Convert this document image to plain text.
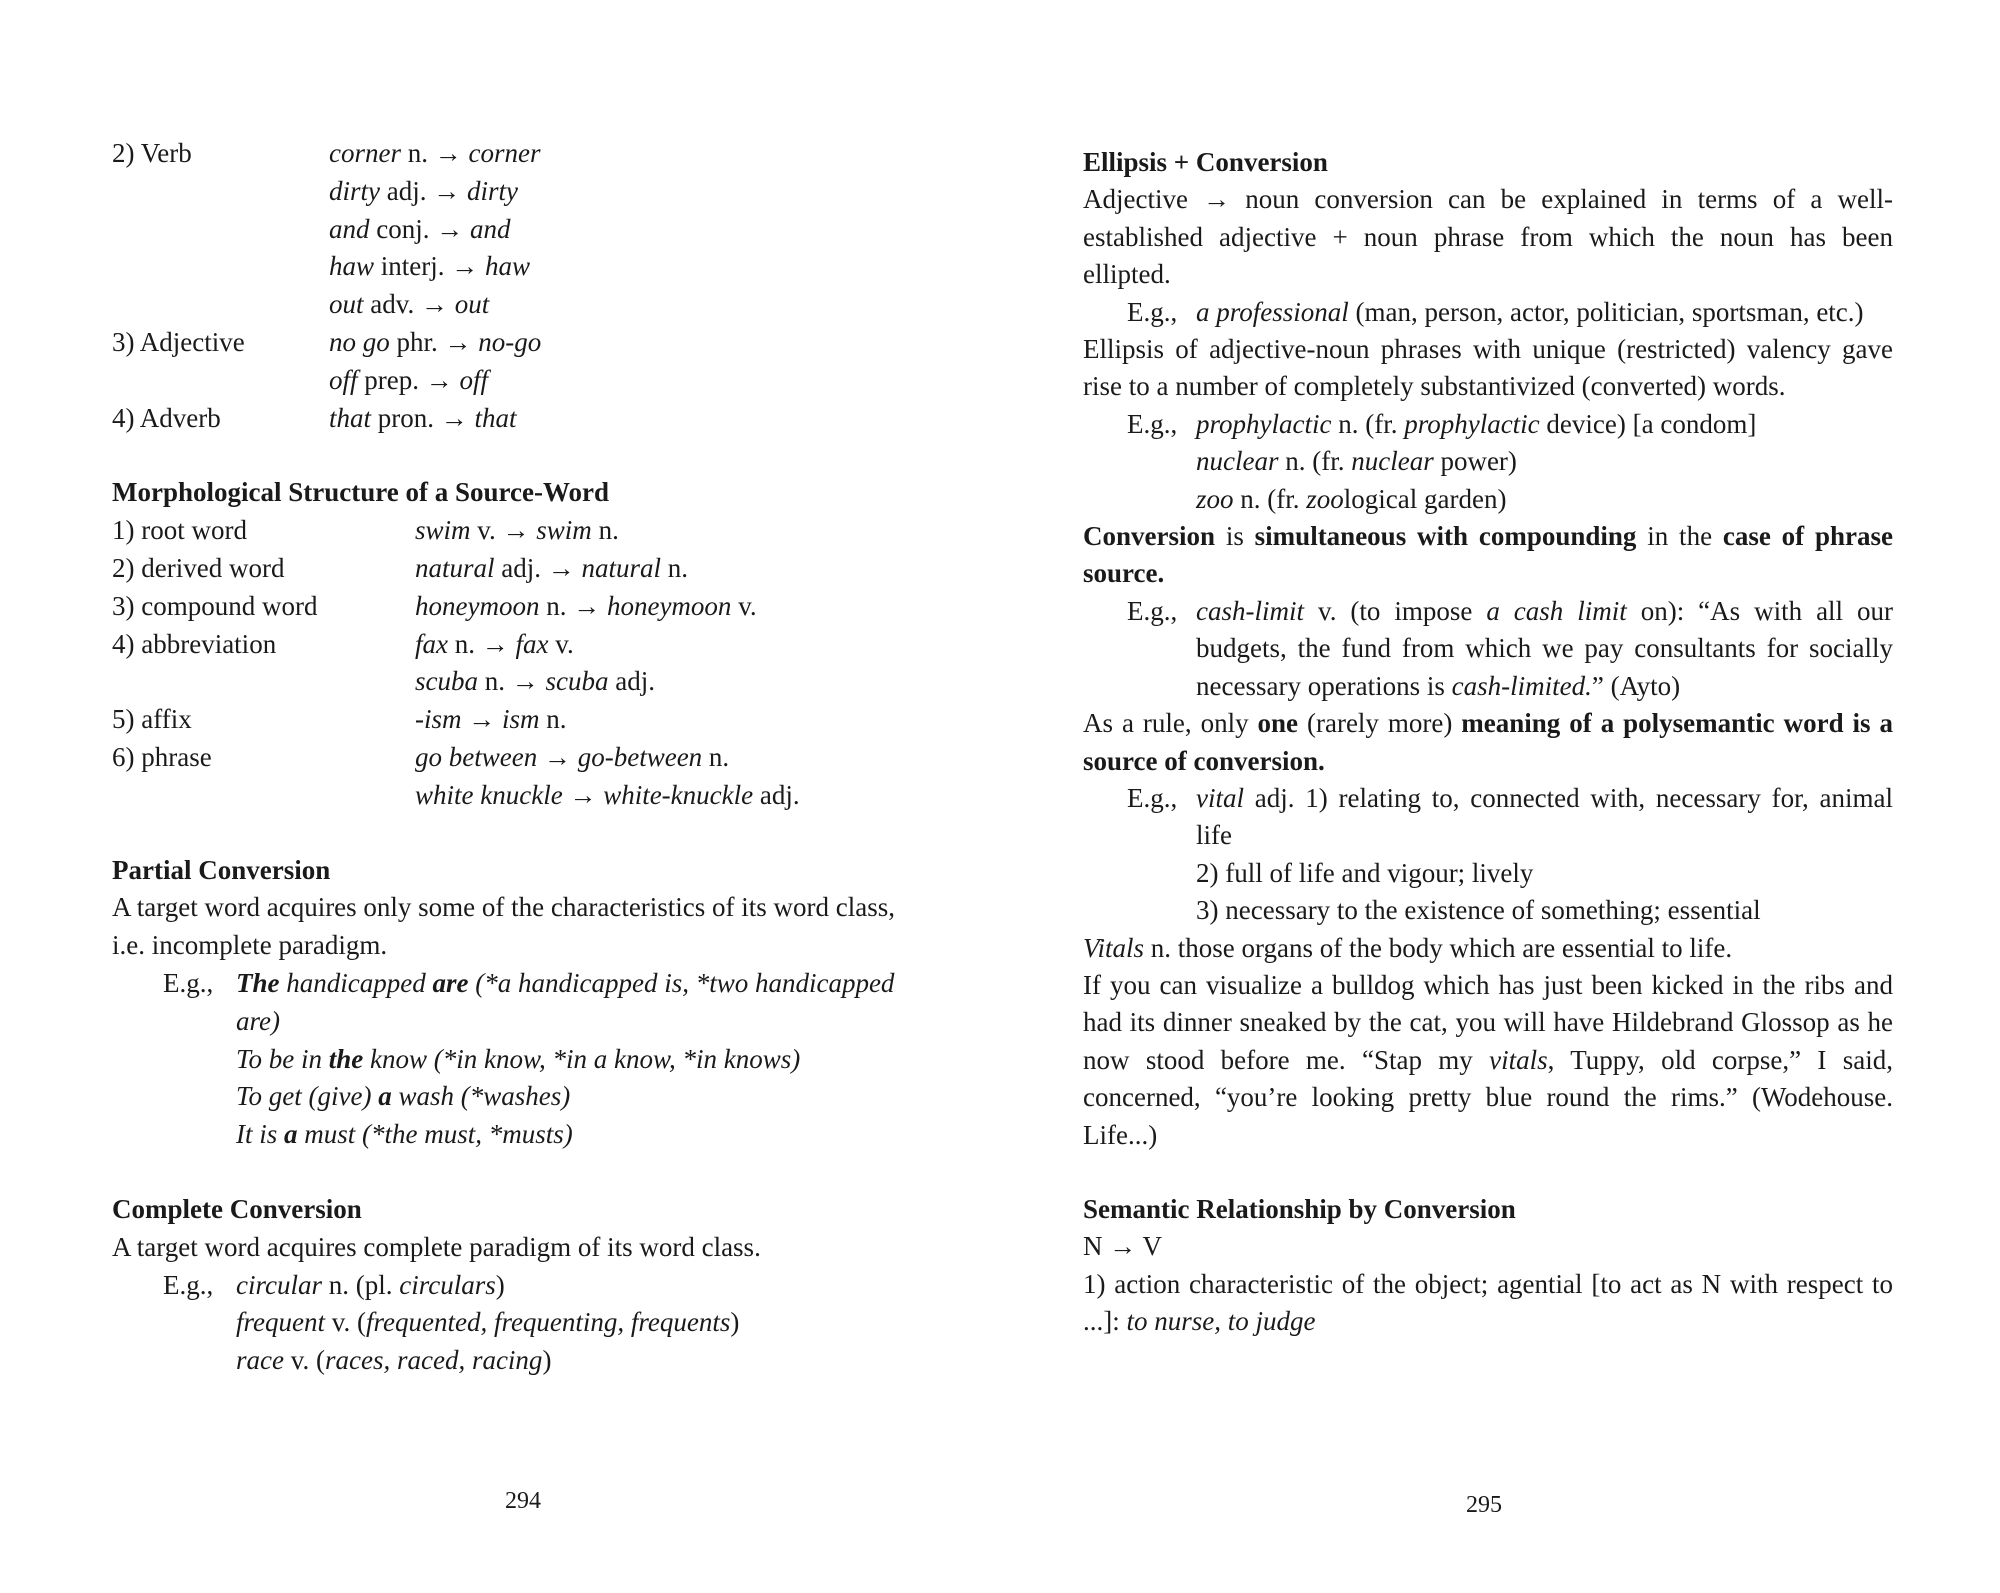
2) Verb	corner n. → corner
dirty adj. → dirty
and conj. → and
haw interj. → haw
out adv. → out
3) Adjective	no go phr. → no-go
off prep. → off
4) Adverb	that pron. → that
Morphological Structure of a Source-Word
1) root word	swim v. → swim n.
2) derived word	natural adj. → natural n.
3) compound word	honeymoon n. → honeymoon v.
4) abbreviation	fax n. → fax v.
scuba n. → scuba adj.
5) affix	-ism → ism n.
6) phrase	go between → go-between n.
white knuckle → white-knuckle adj.
Partial Conversion
A target word acquires only some of the characteristics of its word class,
i.e. incomplete paradigm.
E.g., The handicapped are (*a handicapped is, *two handicapped are)
To be in the know (*in know, *in a know, *in knows)
To get (give) a wash (*washes)
It is a must (*the must, *musts)
Complete Conversion
A target word acquires complete paradigm of its word class.
E.g., circular n. (pl. circulars)
frequent v. (frequented, frequenting, frequents)
race v. (races, raced, racing)
Ellipsis + Conversion
Adjective → noun conversion can be explained in terms of a well-established adjective + noun phrase from which the noun has been ellipted.
E.g., a professional (man, person, actor, politician, sportsman, etc.)
Ellipsis of adjective-noun phrases with unique (restricted) valency gave rise to a number of completely substantivized (converted) words.
E.g., prophylactic n. (fr. prophylactic device) [a condom]
nuclear n. (fr. nuclear power)
zoo n. (fr. zoological garden)
Conversion is simultaneous with compounding in the case of phrase source.
E.g., cash-limit v. (to impose a cash limit on): “As with all our budgets, the fund from which we pay consultants for socially necessary operations is cash-limited.” (Ayto)
As a rule, only one (rarely more) meaning of a polysemantic word is a source of conversion.
E.g., vital adj. 1) relating to, connected with, necessary for, animal life
2) full of life and vigour; lively
3) necessary to the existence of something; essential
Vitals n. those organs of the body which are essential to life.
If you can visualize a bulldog which has just been kicked in the ribs and had its dinner sneaked by the cat, you will have Hildebrand Glossop as he now stood before me. “Stap my vitals, Tuppy, old corpse,” I said, concerned, “you’re looking pretty blue round the rims.” (Wodehouse. Life...)
Semantic Relationship by Conversion
N → V
1) action characteristic of the object; agential [to act as N with respect to ...]: to nurse, to judge
294	295
